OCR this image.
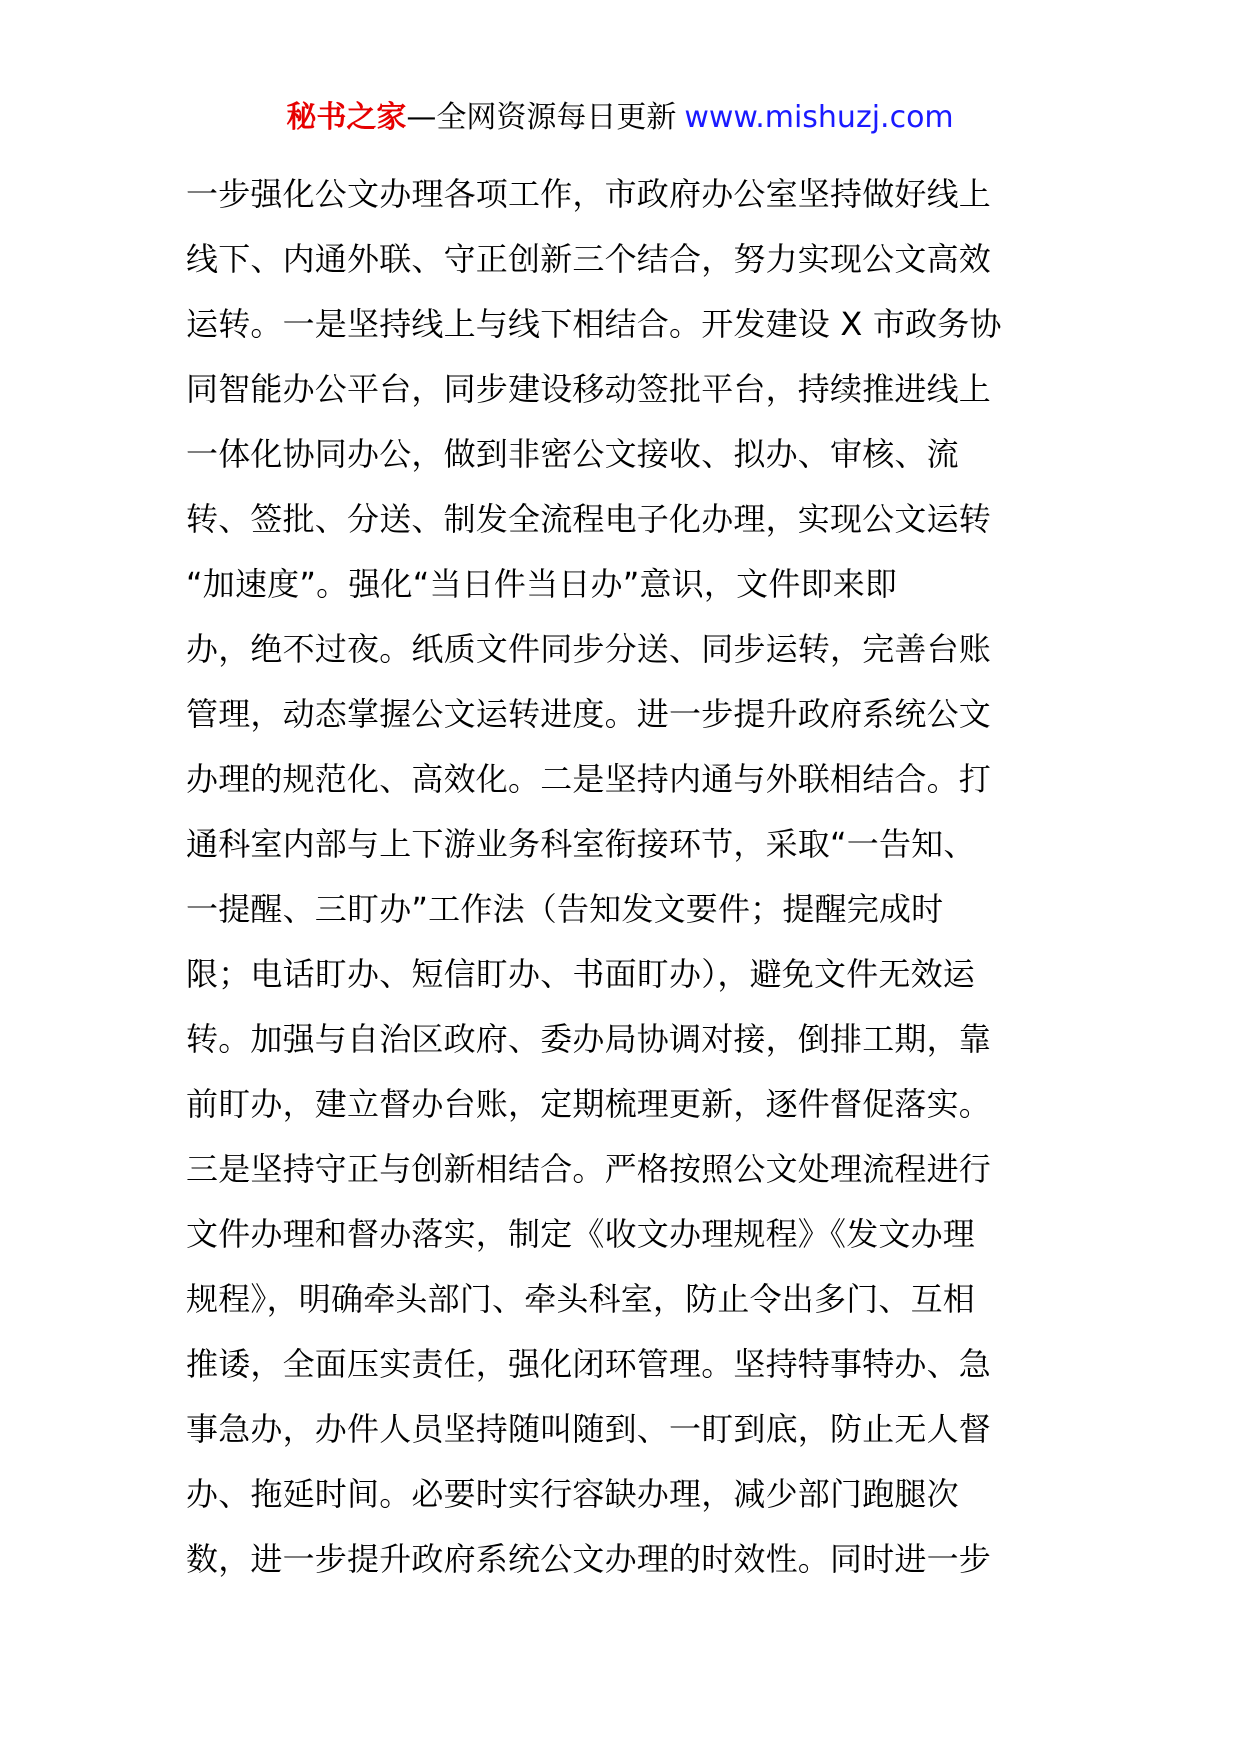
秘书之家—全网资源每日更新 www.mishuzj.com
一步强化公文办理各项工作，市政府办公室坚持做好线上
线下、内通外联、守正创新三个结合，努力实现公文高效
运转。一是坚持线上与线下相结合。开发建设 X 市政务协
同智能办公平台，同步建设移动签批平台，持续推进线上
一体化协同办公，做到非密公文接收、拟办、审核、流
转、签批、分送、制发全流程电子化办理，实现公文运转
“加速度”。强化“当日件当日办”意识，文件即来即
办，绝不过夜。纸质文件同步分送、同步运转，完善台账
管理，动态掌握公文运转进度。进一步提升政府系统公文
办理的规范化、高效化。二是坚持内通与外联相结合。打
通科室内部与上下游业务科室衔接环节，采取“一告知、
一提醒、三盯办”工作法（告知发文要件；提醒完成时
限；电话盯办、短信盯办、书面盯办），避免文件无效运
转。加强与自治区政府、委办局协调对接，倒排工期，靠
前盯办，建立督办台账，定期梳理更新，逐件督促落实。
三是坚持守正与创新相结合。严格按照公文处理流程进行
文件办理和督办落实，制定《收文办理规程》《发文办理
规程》，明确牵头部门、牵头科室，防止令出多门、互相
推诿，全面压实责任，强化闭环管理。坚持特事特办、急
事急办，办件人员坚持随叫随到、一盯到底，防止无人督
办、拖延时间。必要时实行容缺办理，减少部门跑腿次
数，进一步提升政府系统公文办理的时效性。同时进一步
